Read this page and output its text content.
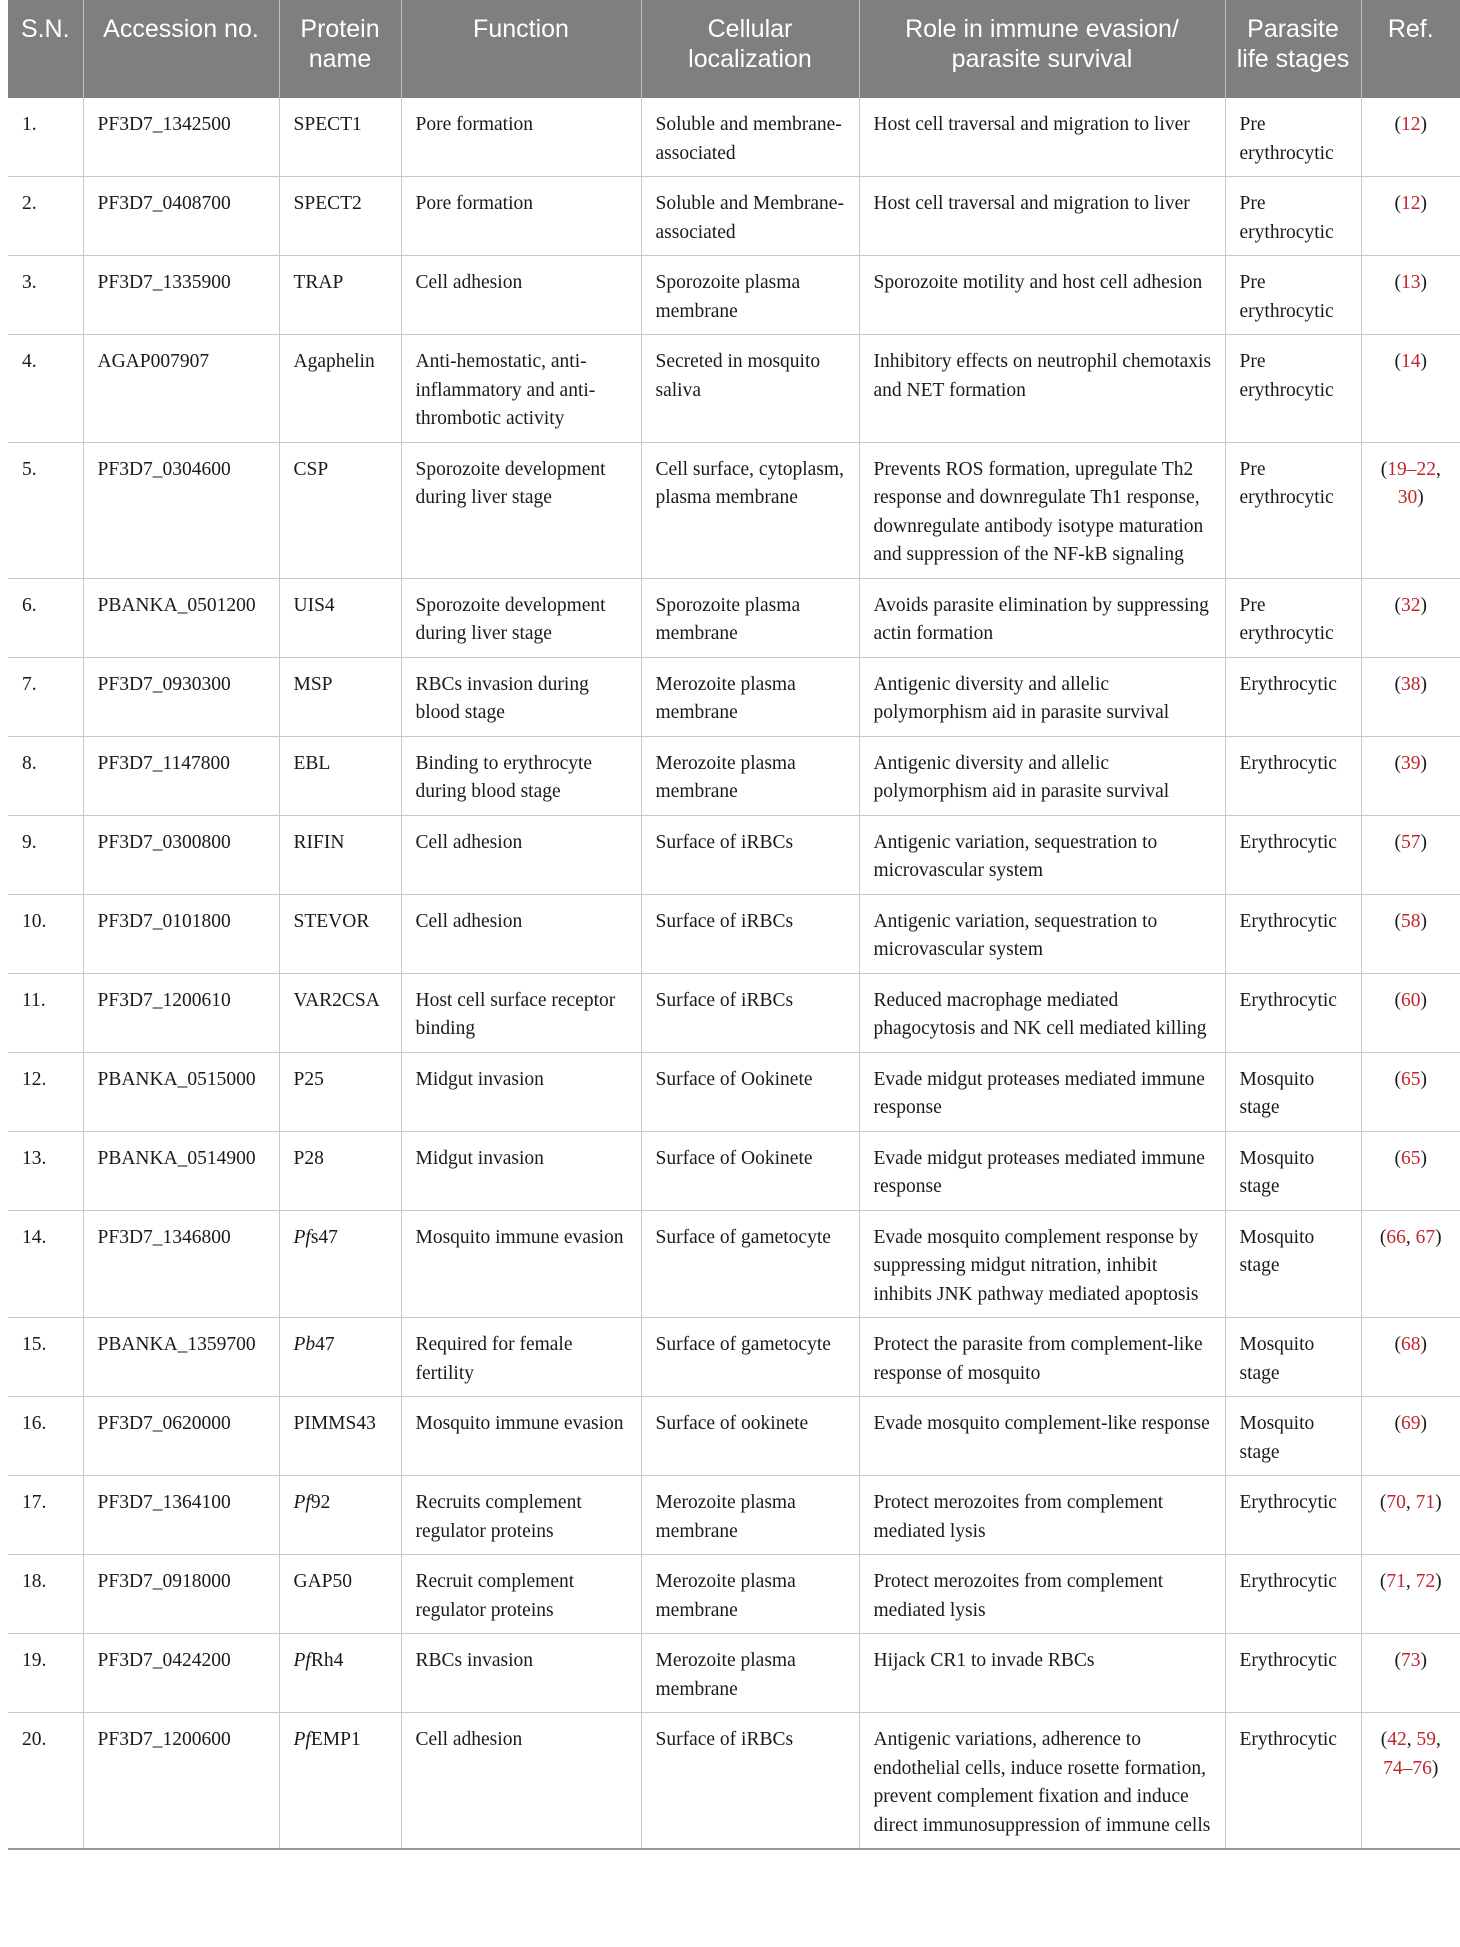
S.N.	Accession no.	Protein name	Function	Cellular localization	Role in immune evasion/ parasite survival	Parasite life stages	Ref.
1.	PF3D7_1342500	SPECT1	Pore formation	Soluble and membrane-associated	Host cell traversal and migration to liver	Pre erythrocytic	(12)
2.	PF3D7_0408700	SPECT2	Pore formation	Soluble and Membrane-associated	Host cell traversal and migration to liver	Pre erythrocytic	(12)
3.	PF3D7_1335900	TRAP	Cell adhesion	Sporozoite plasma membrane	Sporozoite motility and host cell adhesion	Pre erythrocytic	(13)
4.	AGAP007907	Agaphelin	Anti-hemostatic, anti-inflammatory and anti-thrombotic activity	Secreted in mosquito saliva	Inhibitory effects on neutrophil chemotaxis and NET formation	Pre erythrocytic	(14)
5.	PF3D7_0304600	CSP	Sporozoite development during liver stage	Cell surface, cytoplasm, plasma membrane	Prevents ROS formation, upregulate Th2 response and downregulate Th1 response, downregulate antibody isotype maturation and suppression of the NF-kB signaling	Pre erythrocytic	(19–22, 30)
6.	PBANKA_0501200	UIS4	Sporozoite development during liver stage	Sporozoite plasma membrane	Avoids parasite elimination by suppressing actin formation	Pre erythrocytic	(32)
7.	PF3D7_0930300	MSP	RBCs invasion during blood stage	Merozoite plasma membrane	Antigenic diversity and allelic polymorphism aid in parasite survival	Erythrocytic	(38)
8.	PF3D7_1147800	EBL	Binding to erythrocyte during blood stage	Merozoite plasma membrane	Antigenic diversity and allelic polymorphism aid in parasite survival	Erythrocytic	(39)
9.	PF3D7_0300800	RIFIN	Cell adhesion	Surface of iRBCs	Antigenic variation, sequestration to microvascular system	Erythrocytic	(57)
10.	PF3D7_0101800	STEVOR	Cell adhesion	Surface of iRBCs	Antigenic variation, sequestration to microvascular system	Erythrocytic	(58)
11.	PF3D7_1200610	VAR2CSA	Host cell surface receptor binding	Surface of iRBCs	Reduced macrophage mediated phagocytosis and NK cell mediated killing	Erythrocytic	(60)
12.	PBANKA_0515000	P25	Midgut invasion	Surface of Ookinete	Evade midgut proteases mediated immune response	Mosquito stage	(65)
13.	PBANKA_0514900	P28	Midgut invasion	Surface of Ookinete	Evade midgut proteases mediated immune response	Mosquito stage	(65)
14.	PF3D7_1346800	Pfs47	Mosquito immune evasion	Surface of gametocyte	Evade mosquito complement response by suppressing midgut nitration, inhibit inhibits JNK pathway mediated apoptosis	Mosquito stage	(66, 67)
15.	PBANKA_1359700	Pb47	Required for female fertility	Surface of gametocyte	Protect the parasite from complement-like response of mosquito	Mosquito stage	(68)
16.	PF3D7_0620000	PIMMS43	Mosquito immune evasion	Surface of ookinete	Evade mosquito complement-like response	Mosquito stage	(69)
17.	PF3D7_1364100	Pf92	Recruits complement regulator proteins	Merozoite plasma membrane	Protect merozoites from complement mediated lysis	Erythrocytic	(70, 71)
18.	PF3D7_0918000	GAP50	Recruit complement regulator proteins	Merozoite plasma membrane	Protect merozoites from complement mediated lysis	Erythrocytic	(71, 72)
19.	PF3D7_0424200	PfRh4	RBCs invasion	Merozoite plasma membrane	Hijack CR1 to invade RBCs	Erythrocytic	(73)
20.	PF3D7_1200600	PfEMP1	Cell adhesion	Surface of iRBCs	Antigenic variations, adherence to endothelial cells, induce rosette formation, prevent complement fixation and induce direct immunosuppression of immune cells	Erythrocytic	(42, 59, 74–76)
